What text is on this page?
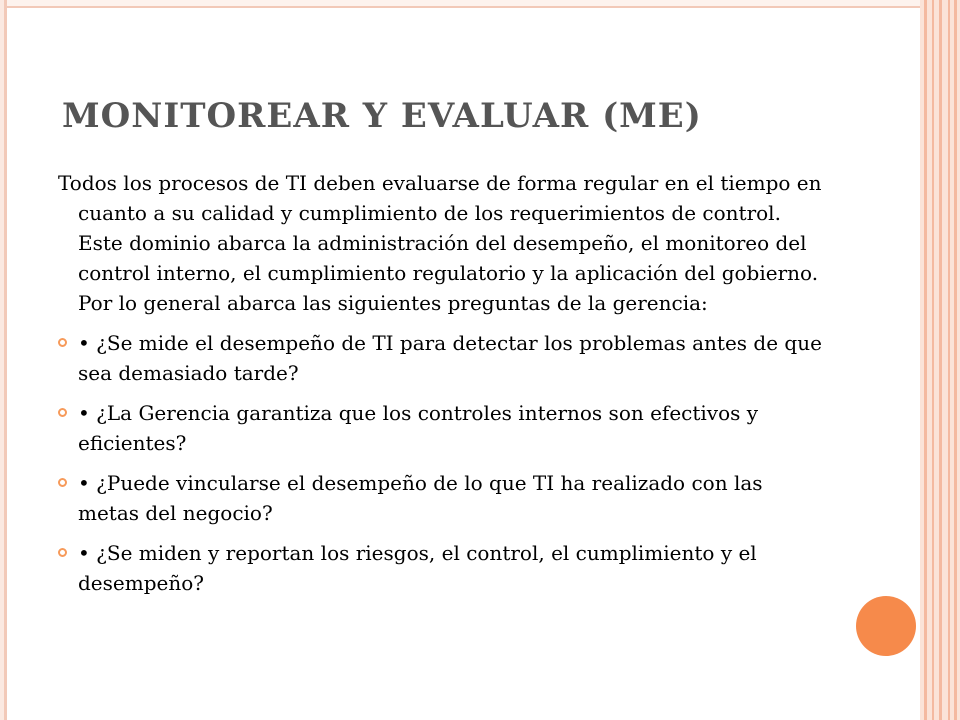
MONITOREAR Y EVALUAR (ME)

Todos los procesos de TI deben evaluarse de forma regular en el tiempo en cuanto a su calidad y cumplimiento de los requerimientos de control. Este dominio abarca la administración del desempeño, el monitoreo del control interno, el cumplimiento regulatorio y la aplicación del gobierno. Por lo general abarca las siguientes preguntas de la gerencia:

• ¿Se mide el desempeño de TI para detectar los problemas antes de que sea demasiado tarde?
• ¿La Gerencia garantiza que los controles internos son efectivos y eficientes?
• ¿Puede vincularse el desempeño de lo que TI ha realizado con las metas del negocio?
• ¿Se miden y reportan los riesgos, el control, el cumplimiento y el desempeño?
